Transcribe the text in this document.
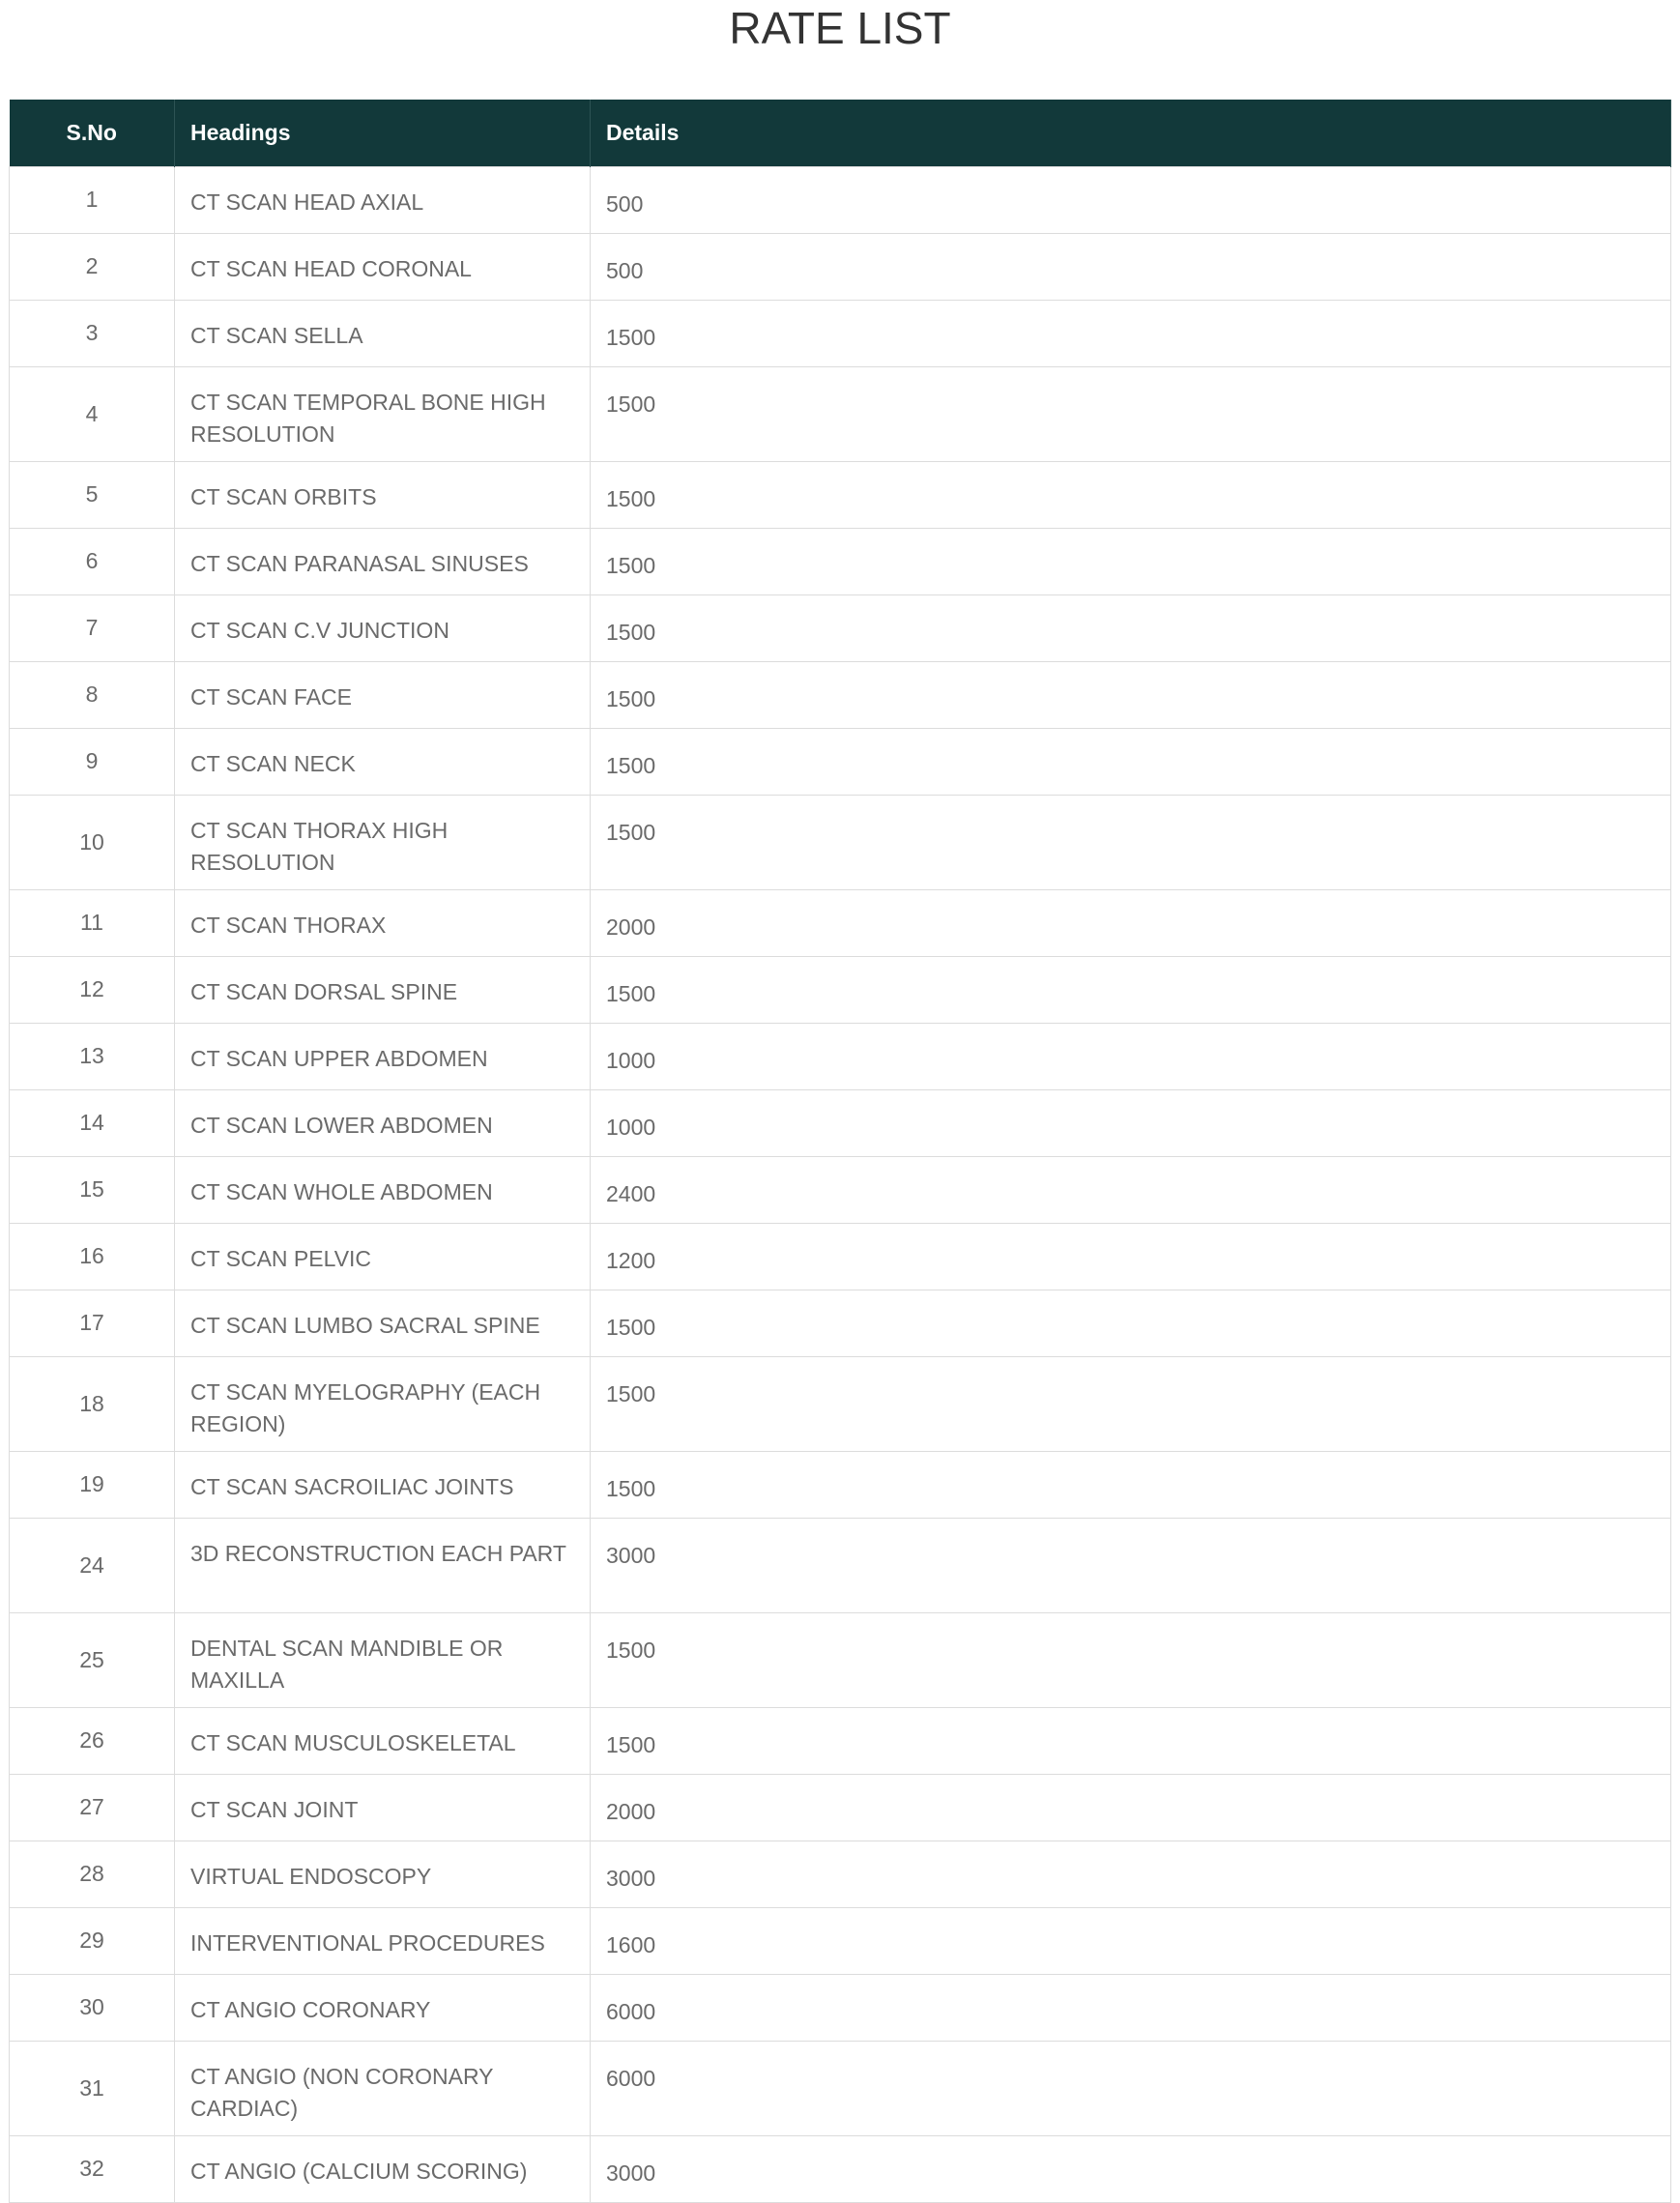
RATE LIST
S.No	Headings	Details
1	CT SCAN HEAD AXIAL	500
2	CT SCAN HEAD CORONAL	500
3	CT SCAN SELLA	1500
4	CT SCAN TEMPORAL BONE HIGH RESOLUTION	1500
5	CT SCAN ORBITS	1500
6	CT SCAN PARANASAL SINUSES	1500
7	CT SCAN C.V JUNCTION	1500
8	CT SCAN FACE	1500
9	CT SCAN NECK	1500
10	CT SCAN THORAX HIGH RESOLUTION	1500
11	CT SCAN THORAX	2000
12	CT SCAN DORSAL SPINE	1500
13	CT SCAN UPPER ABDOMEN	1000
14	CT SCAN LOWER ABDOMEN	1000
15	CT SCAN WHOLE ABDOMEN	2400
16	CT SCAN PELVIC	1200
17	CT SCAN LUMBO SACRAL SPINE	1500
18	CT SCAN MYELOGRAPHY (EACH REGION)	1500
19	CT SCAN SACROILIAC JOINTS	1500
24	3D RECONSTRUCTION EACH PART	3000
25	DENTAL SCAN MANDIBLE OR MAXILLA	1500
26	CT SCAN MUSCULOSKELETAL	1500
27	CT SCAN JOINT	2000
28	VIRTUAL ENDOSCOPY	3000
29	INTERVENTIONAL PROCEDURES	1600
30	CT ANGIO CORONARY	6000
31	CT ANGIO (NON CORONARY CARDIAC)	6000
32	CT ANGIO (CALCIUM SCORING)	3000
